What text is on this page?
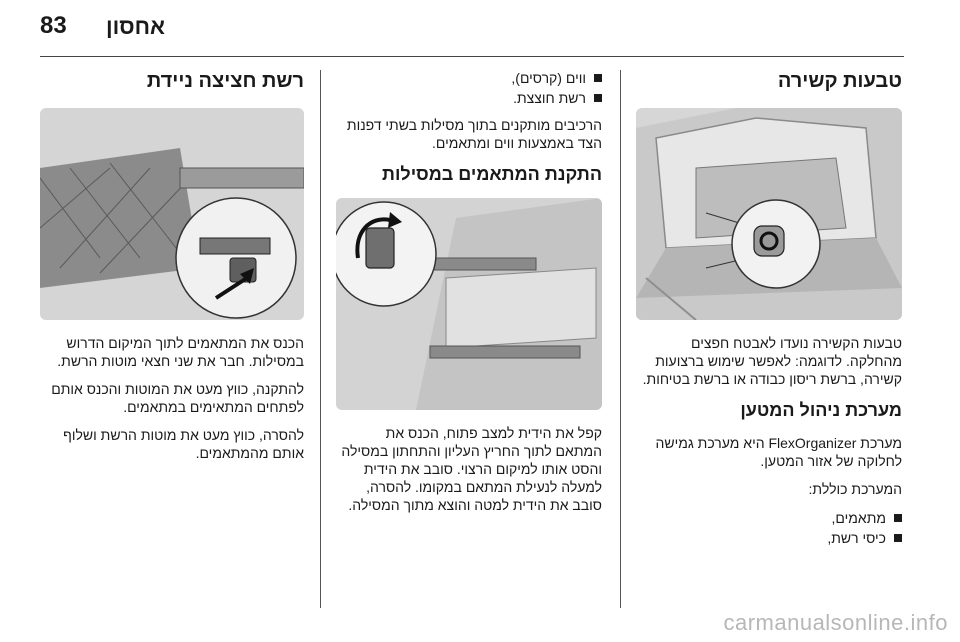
83 אחסון
טבעות קשירה

טבעות הקשירה נועדו לאבטח חפצים מהחלקה. לדוגמה: לאפשר שימוש ברצועות קשירה, ברשת ריסון כבודה או ברשת בטיחות.

מערכת ניהול המטען

מערכת FlexOrganizer היא מערכת גמישה לחלוקה של אזור המטען.

המערכת כוללת:

מתאמים,
כיסי רשת,
ווים (קרסים),
רשת חוצצת.

הרכיבים מותקנים בתוך מסילות בשתי דפנות הצד באמצעות ווים ומתאמים.

התקנת המתאמים במסילות

קפל את הידית למצב פתוח, הכנס את המתאם לתוך החריץ העליון והתחתון במסילה והסט אותו למיקום הרצוי. סובב את הידית למעלה לנעילת המתאם במקומו. להסרה, סובב את הידית למטה והוצא מתוך המסילה.

רשת חציצה ניידת

הכנס את המתאמים לתוך המיקום הדרוש במסילות. חבר את שני חצאי מוטות הרשת.

להתקנה, כווץ מעט את המוטות והכנס אותם לפתחים המתאימים במתאמים.

להסרה, כווץ מעט את מוטות הרשת ושלוף אותם מהמתאמים.

carmanualsonline.info
